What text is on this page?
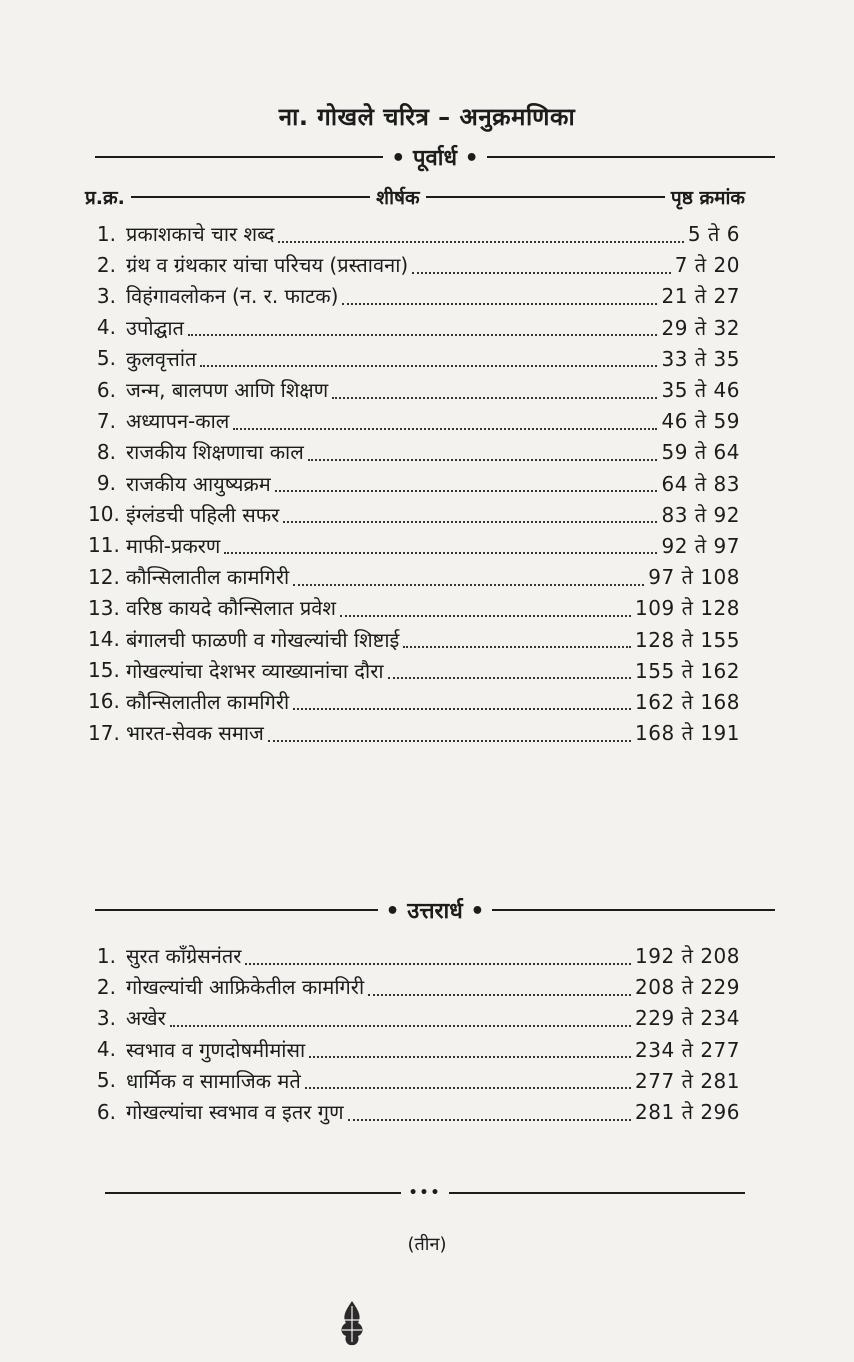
ना. गोखले चरित्र – अनुक्रमणिका
• पूर्वार्ध •
प्र.क्र.	शीर्षक	पृष्ठ क्रमांक
1. प्रकाशकाचे चार शब्द	5 ते 6
2. ग्रंथ व ग्रंथकार यांचा परिचय (प्रस्तावना)	7 ते 20
3. विहंगावलोकन (न. र. फाटक)	21 ते 27
4. उपोद्घात	29 ते 32
5. कुलवृत्तांत	33 ते 35
6. जन्म, बालपण आणि शिक्षण	35 ते 46
7. अध्यापन-काल	46 ते 59
8. राजकीय शिक्षणाचा काल	59 ते 64
9. राजकीय आयुष्यक्रम	64 ते 83
10. इंग्लंडची पहिली सफर	83 ते 92
11. माफी-प्रकरण	92 ते 97
12. कौन्सिलातील कामगिरी	97 ते 108
13. वरिष्ठ कायदे कौन्सिलात प्रवेश	109 ते 128
14. बंगालची फाळणी व गोखल्यांची शिष्टाई	128 ते 155
15. गोखल्यांचा देशभर व्याख्यानांचा दौरा	155 ते 162
16. कौन्सिलातील कामगिरी	162 ते 168
17. भारत-सेवक समाज	168 ते 191
• उत्तरार्ध •
1. सुरत काँग्रेसनंतर	192 ते 208
2. गोखल्यांची आफ्रिकेतील कामगिरी	208 ते 229
3. अखेर	229 ते 234
4. स्वभाव व गुणदोषमीमांसा	234 ते 277
5. धार्मिक व सामाजिक मते	277 ते 281
6. गोखल्यांचा स्वभाव व इतर गुण	281 ते 296
•••
(तीन)
